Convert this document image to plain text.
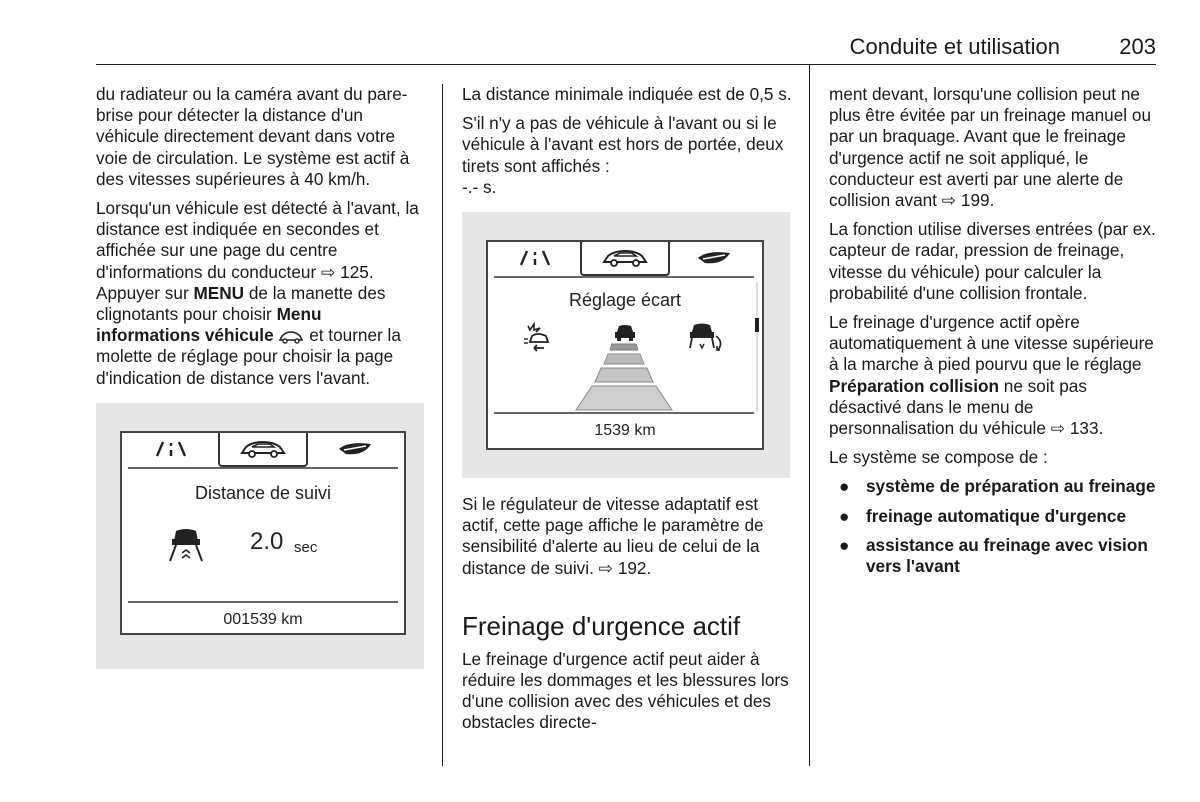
Conduite et utilisation	203

du radiateur ou la caméra avant du pare-brise pour détecter la distance d'un véhicule directement devant dans votre voie de circulation. Le système est actif à des vitesses supérieures à 40 km/h.

Lorsqu'un véhicule est détecté à l'avant, la distance est indiquée en secondes et affichée sur une page du centre d'informations du conducteur ⇨ 125. Appuyer sur MENU de la manette des clignotants pour choisir Menu informations véhicule  et tourner la molette de réglage pour choisir la page d'indication de distance vers l'avant.

Distance de suivi
2.0 sec
001539 km

La distance minimale indiquée est de 0,5 s.

S'il n'y a pas de véhicule à l'avant ou si le véhicule à l'avant est hors de portée, deux tirets sont affichés :
-.- s.

Réglage écart
1539 km

Si le régulateur de vitesse adaptatif est actif, cette page affiche le paramètre de sensibilité d'alerte au lieu de celui de la distance de suivi. ⇨ 192.

Freinage d'urgence actif

Le freinage d'urgence actif peut aider à réduire les dommages et les blessures lors d'une collision avec des véhicules et des obstacles directe-

ment devant, lorsqu'une collision peut ne plus être évitée par un freinage manuel ou par un braquage. Avant que le freinage d'urgence actif ne soit appliqué, le conducteur est averti par une alerte de collision avant ⇨ 199.

La fonction utilise diverses entrées (par ex. capteur de radar, pression de freinage, vitesse du véhicule) pour calculer la probabilité d'une collision frontale.

Le freinage d'urgence actif opère automatiquement à une vitesse supérieure à la marche à pied pourvu que le réglage Préparation collision ne soit pas désactivé dans le menu de personnalisation du véhicule ⇨ 133.

Le système se compose de :

● système de préparation au freinage
● freinage automatique d'urgence
● assistance au freinage avec vision vers l'avant
